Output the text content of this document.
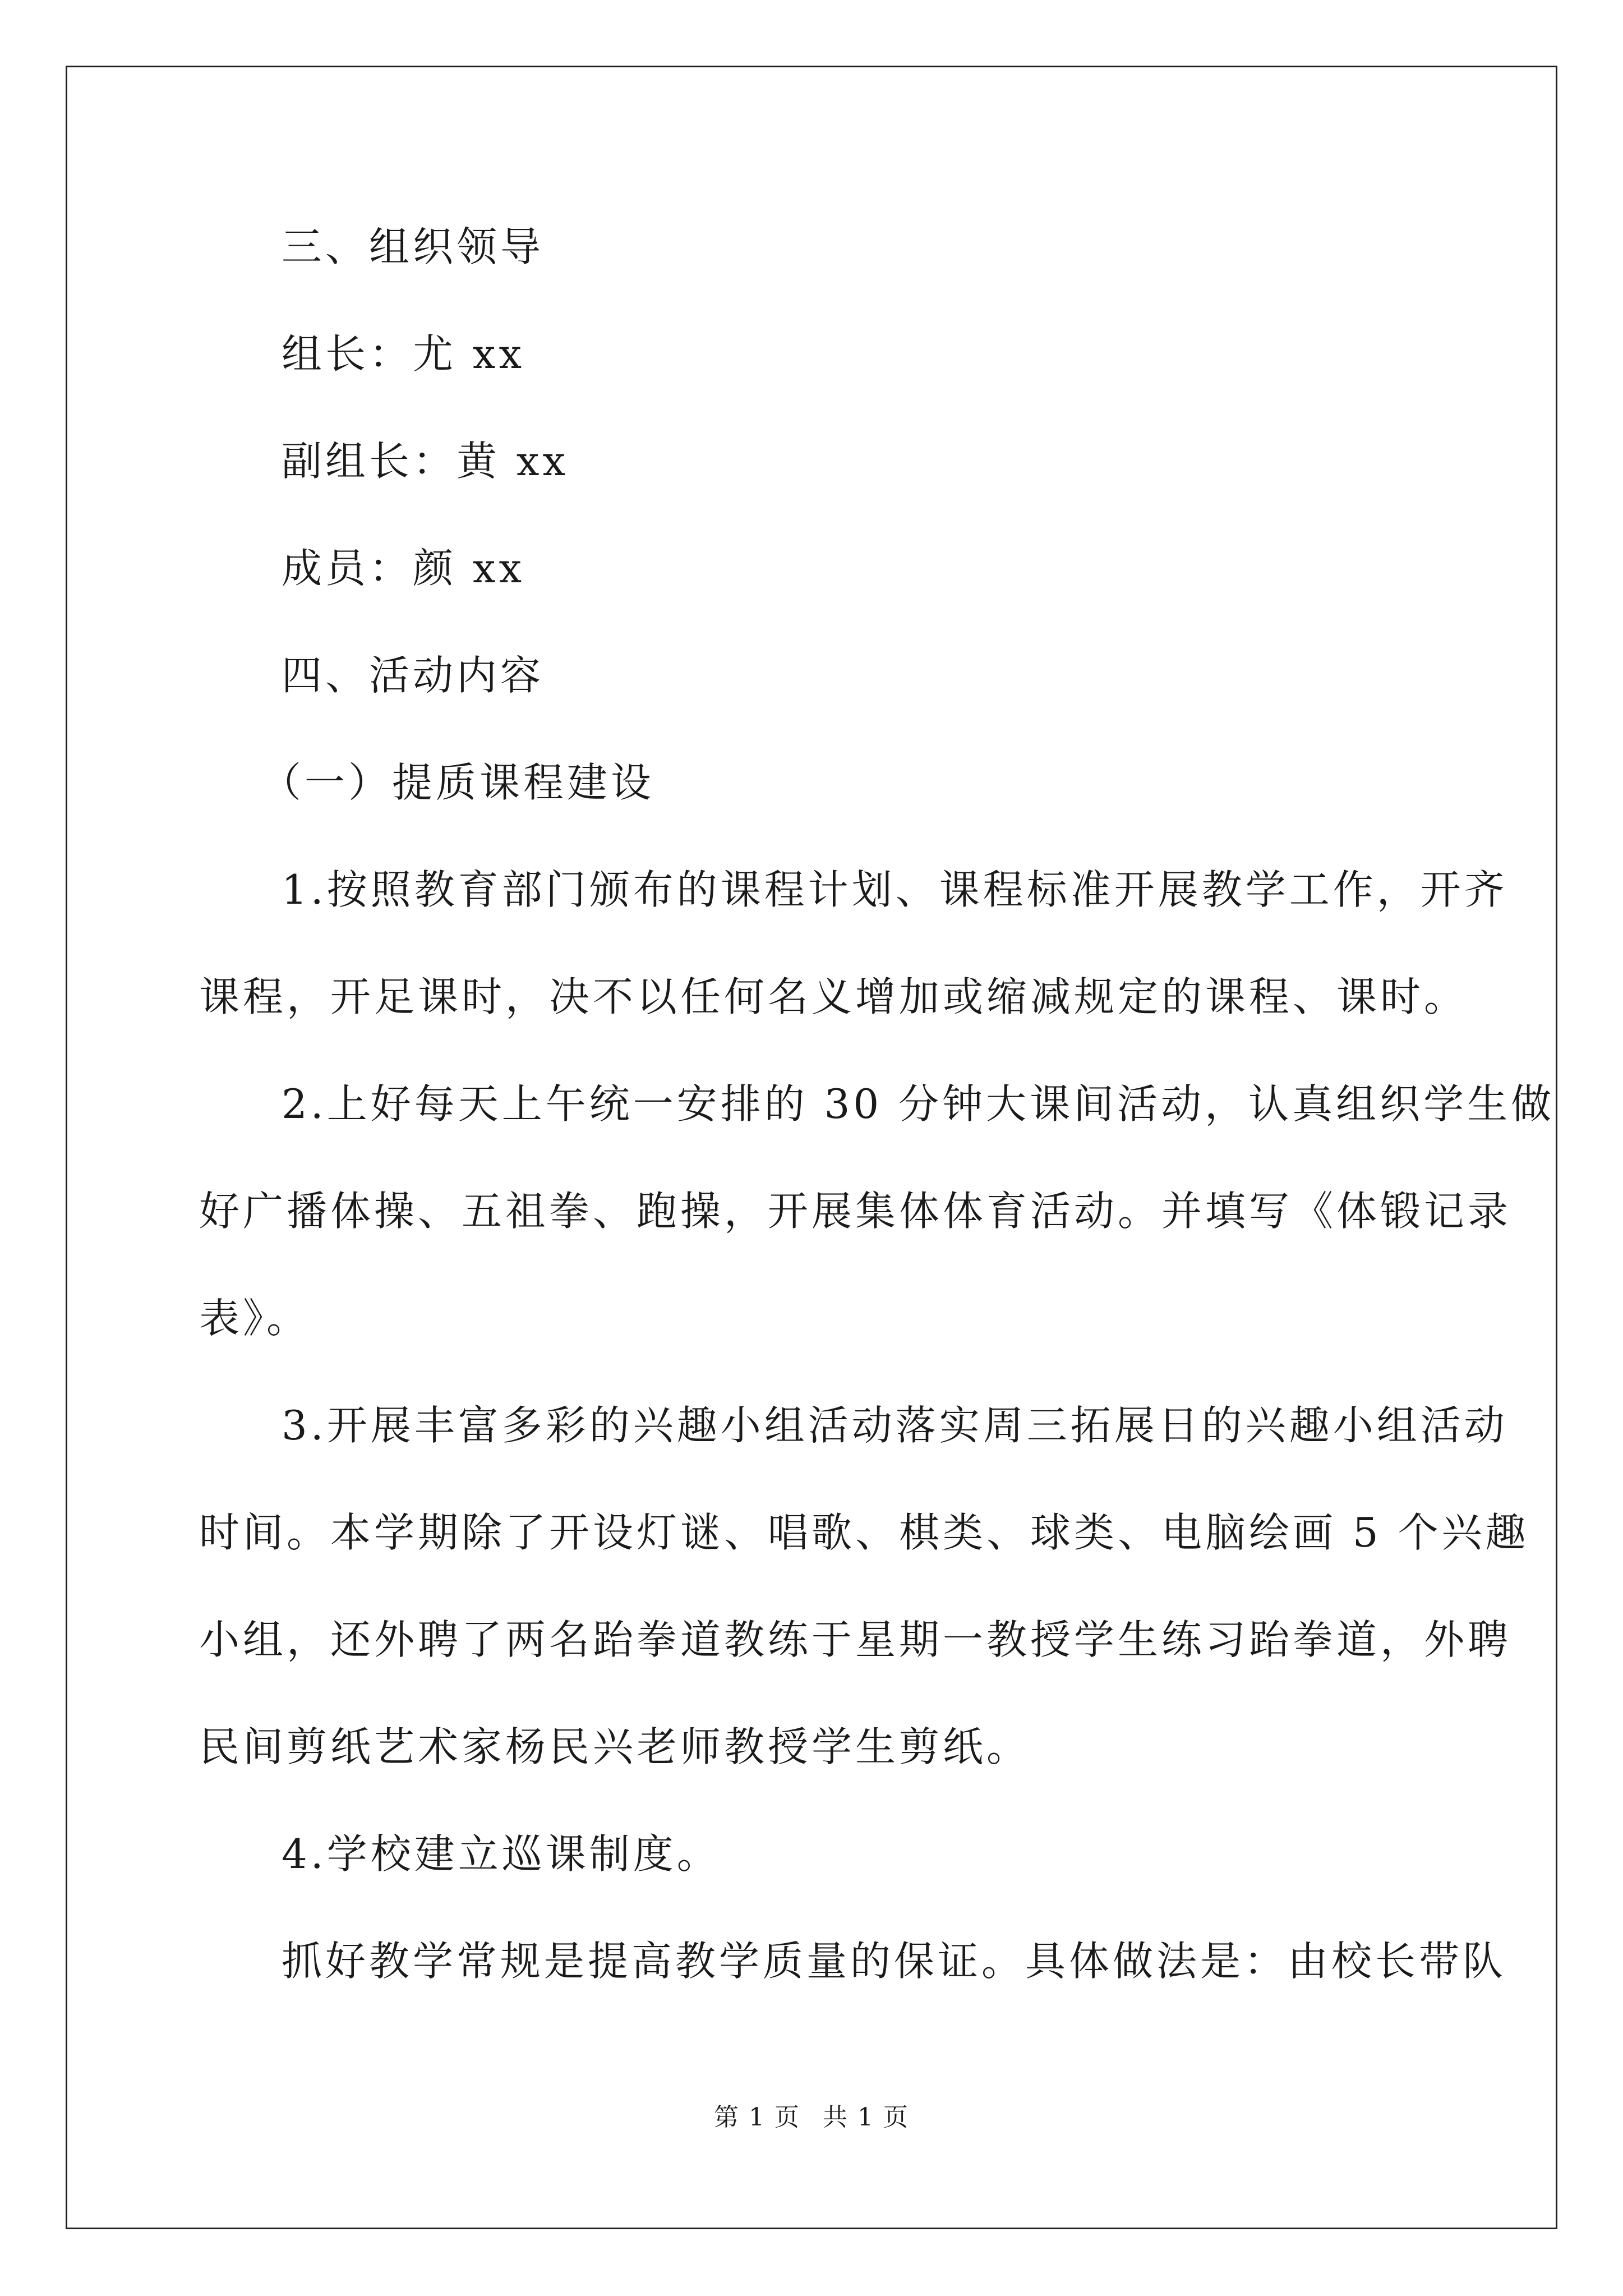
三、组织领导
组长：尤 xx
副组长：黄 xx
成员：颜 xx
四、活动内容
（一）提质课程建设
1.按照教育部门颁布的课程计划、课程标准开展教学工作，开齐
课程，开足课时，决不以任何名义增加或缩减规定的课程、课时。
2.上好每天上午统一安排的 30 分钟大课间活动，认真组织学生做
好广播体操、五祖拳、跑操，开展集体体育活动。并填写《体锻记录
表》。
3.开展丰富多彩的兴趣小组活动落实周三拓展日的兴趣小组活动
时间。本学期除了开设灯谜、唱歌、棋类、球类、电脑绘画 5 个兴趣
小组，还外聘了两名跆拳道教练于星期一教授学生练习跆拳道，外聘
民间剪纸艺术家杨民兴老师教授学生剪纸。
4.学校建立巡课制度。
抓好教学常规是提高教学质量的保证。具体做法是：由校长带队
第 1 页 共 1 页
